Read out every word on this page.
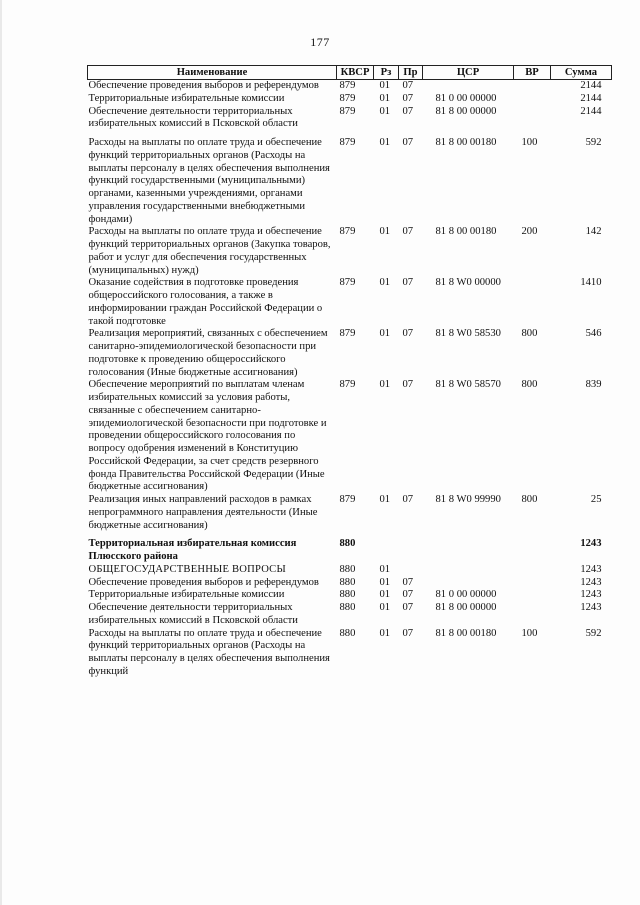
177
Наименование	КВСР	Рз	Пр	ЦСР	ВР	Сумма
Обеспечение проведения выборов и референдумов	879	01	07			2144
Территориальные избирательные комиссии	879	01	07	81 0 00 00000		2144
Обеспечение деятельности территориальных избирательных комиссий в Псковской области	879	01	07	81 8 00 00000		2144
Расходы на выплаты по оплате труда и обеспечение функций территориальных органов (Расходы на выплаты персоналу в целях обеспечения выполнения функций государственными (муниципальными) органами, казенными учреждениями, органами управления государственными внебюджетными фондами)	879	01	07	81 8 00 00180	100	592
Расходы на выплаты по оплате труда и обеспечение функций территориальных органов (Закупка товаров, работ и услуг для обеспечения государственных (муниципальных) нужд)	879	01	07	81 8 00 00180	200	142
Оказание содействия в подготовке проведения общероссийского голосования, а также в информировании граждан Российской Федерации о такой подготовке	879	01	07	81 8 W0 00000		1410
Реализация мероприятий, связанных с обеспечением санитарно-эпидемиологической безопасности при подготовке к проведению общероссийского голосования (Иные бюджетные ассигнования)	879	01	07	81 8 W0 58530	800	546
Обеспечение мероприятий по выплатам членам избирательных комиссий за условия работы, связанные с обеспечением санитарно-эпидемиологической безопасности при подготовке и проведении общероссийского голосования по вопросу одобрения изменений в Конституцию Российской Федерации, за счет средств резервного фонда Правительства Российской Федерации (Иные бюджетные ассигнования)	879	01	07	81 8 W0 58570	800	839
Реализация иных направлений расходов в рамках непрограммного направления деятельности (Иные бюджетные ассигнования)	879	01	07	81 8 W0 99990	800	25
Территориальная избирательная комиссия Плюсского района	880					1243
ОБЩЕГОСУДАРСТВЕННЫЕ ВОПРОСЫ	880	01				1243
Обеспечение проведения выборов и референдумов	880	01	07			1243
Территориальные избирательные комиссии	880	01	07	81 0 00 00000		1243
Обеспечение деятельности территориальных избирательных комиссий в Псковской области	880	01	07	81 8 00 00000		1243
Расходы на выплаты по оплате труда и обеспечение функций территориальных органов (Расходы на выплаты персоналу в целях обеспечения выполнения функций	880	01	07	81 8 00 00180	100	592
